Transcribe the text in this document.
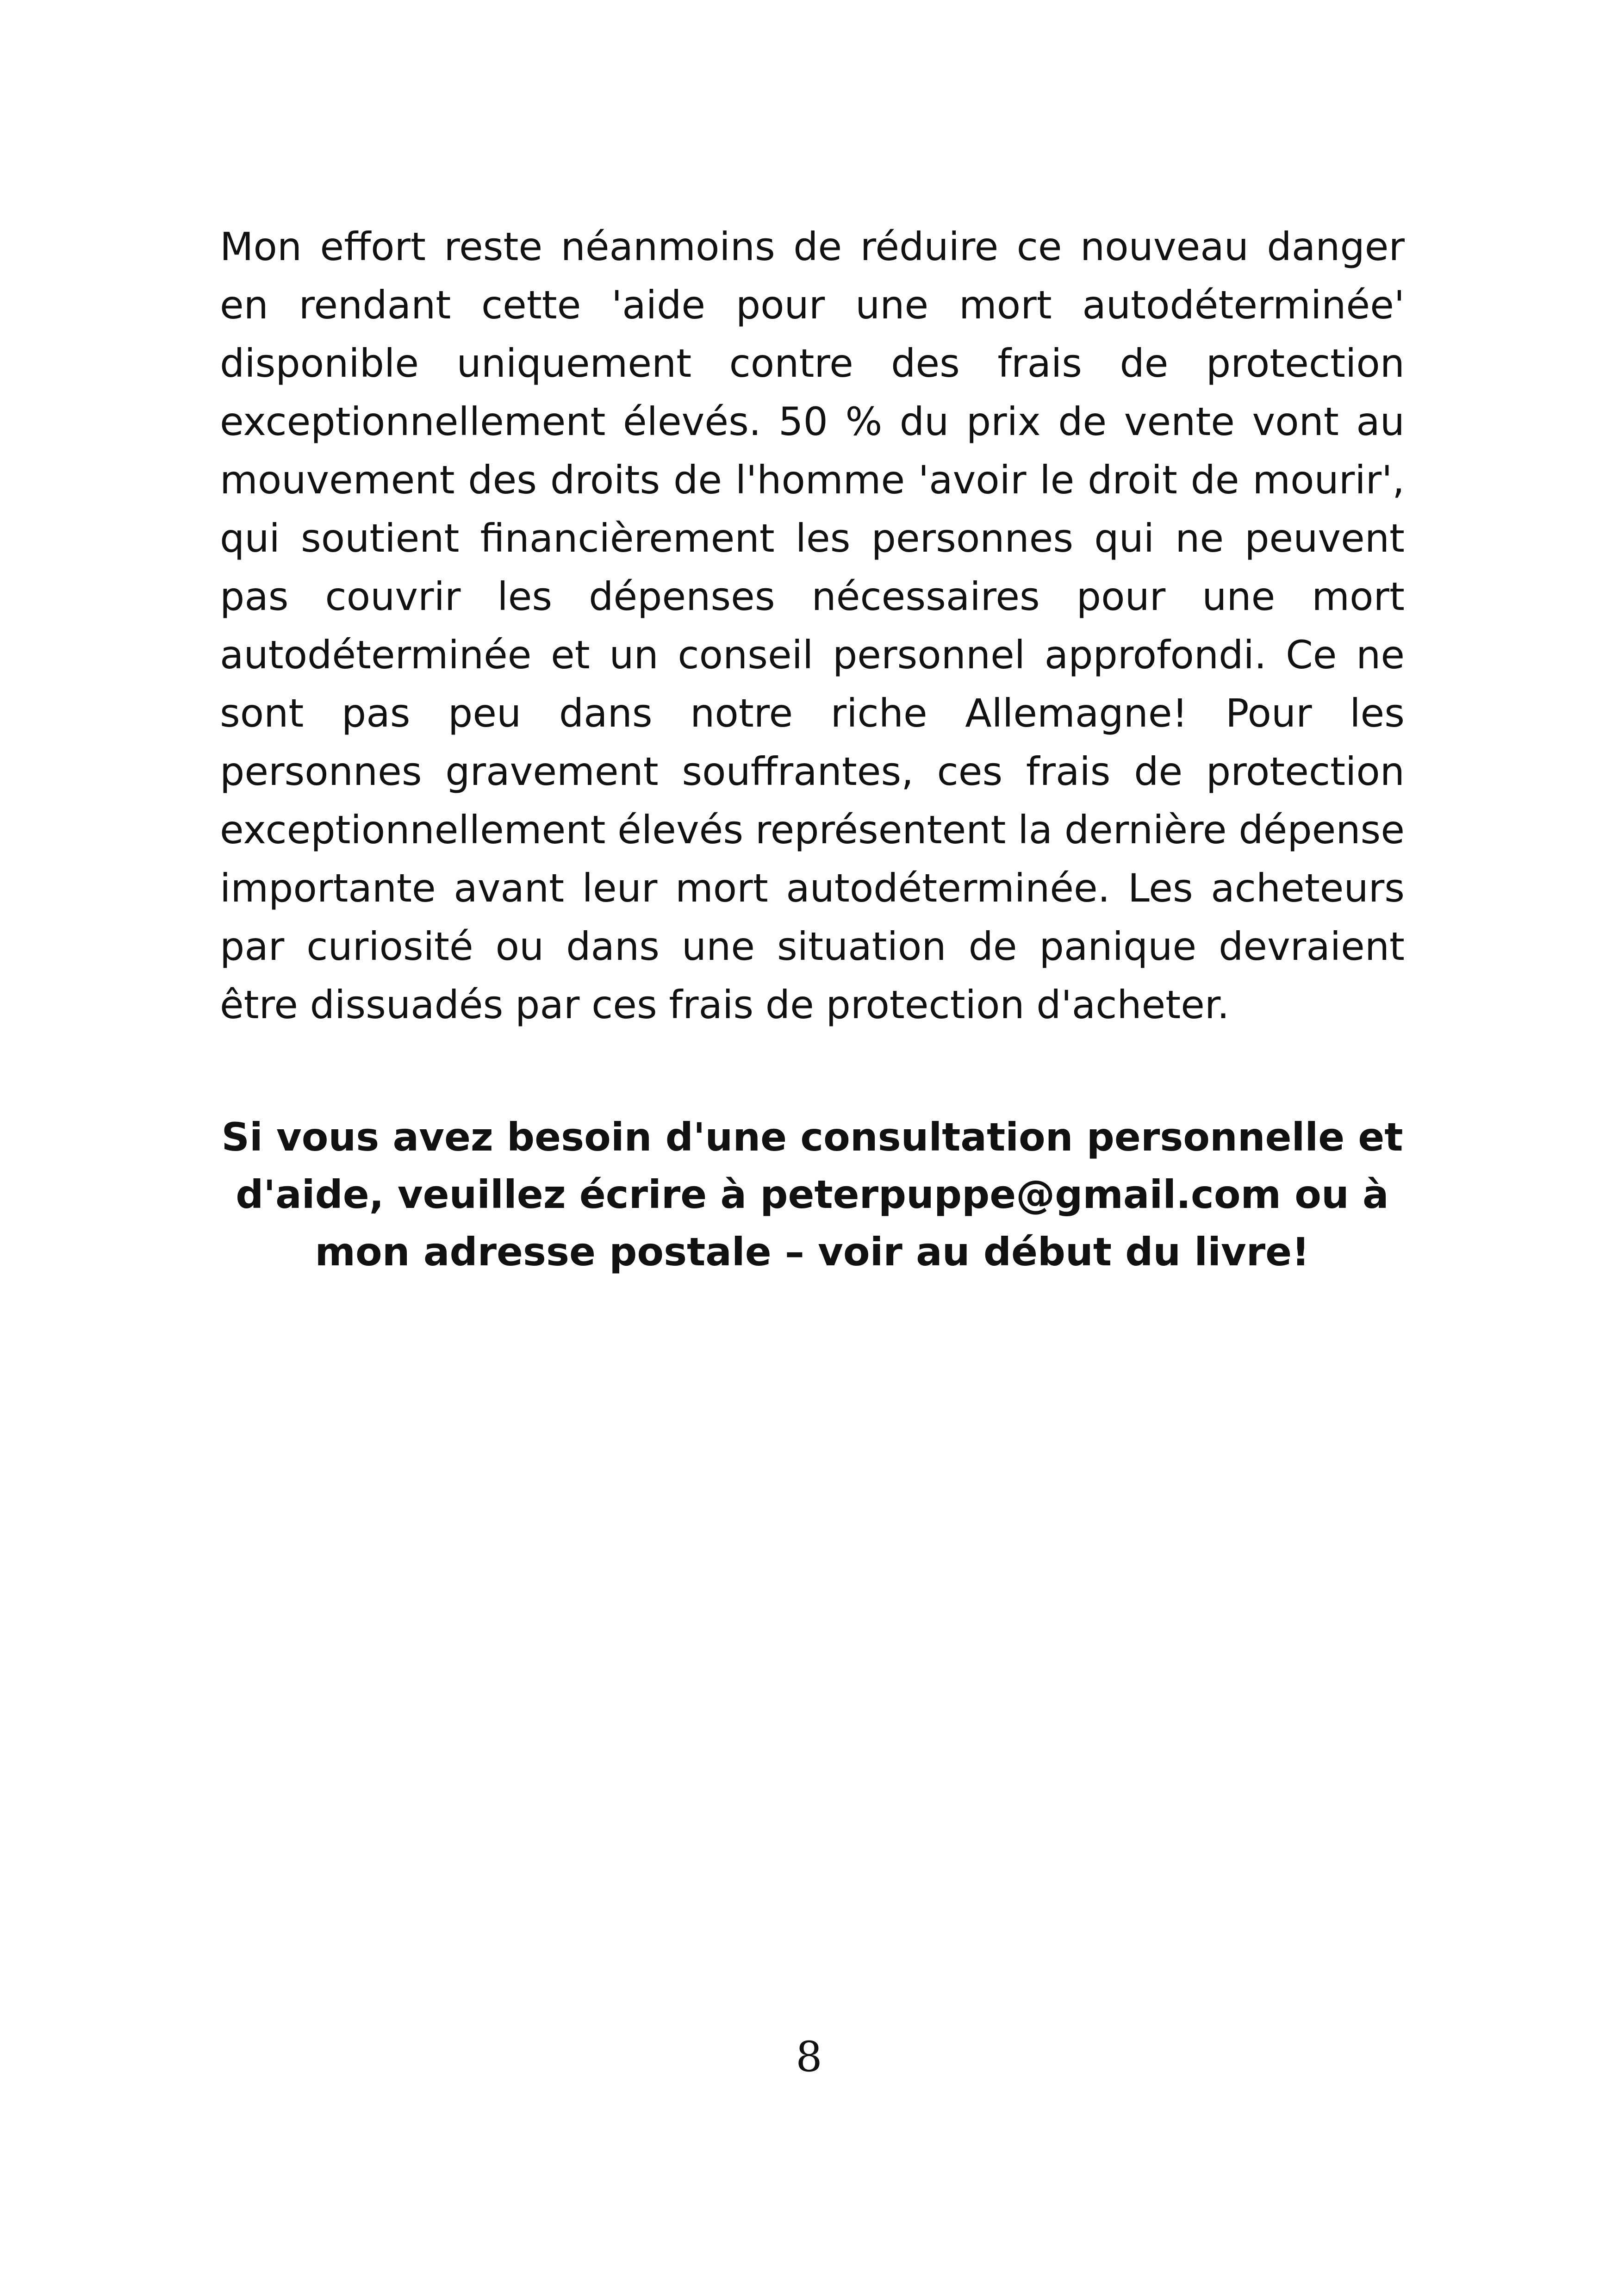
Mon effort reste néanmoins de réduire ce nouveau danger en rendant cette 'aide pour une mort autodéterminée' disponible uniquement contre des frais de protection exceptionnellement élevés. 50 % du prix de vente vont au mouvement des droits de l'homme 'avoir le droit de mourir', qui soutient financièrement les personnes qui ne peuvent pas couvrir les dépenses nécessaires pour une mort autodéterminée et un conseil personnel approfondi. Ce ne sont pas peu dans notre riche Allemagne! Pour les personnes gravement souffrantes, ces frais de protection exceptionnellement élevés représentent la dernière dépense importante avant leur mort autodéterminée. Les acheteurs par curiosité ou dans une situation de panique devraient être dissuadés par ces frais de protection d'acheter.

Si vous avez besoin d'une consultation personnelle et
d'aide, veuillez écrire à peterpuppe@gmail.com ou à
mon adresse postale – voir au début du livre!

8
